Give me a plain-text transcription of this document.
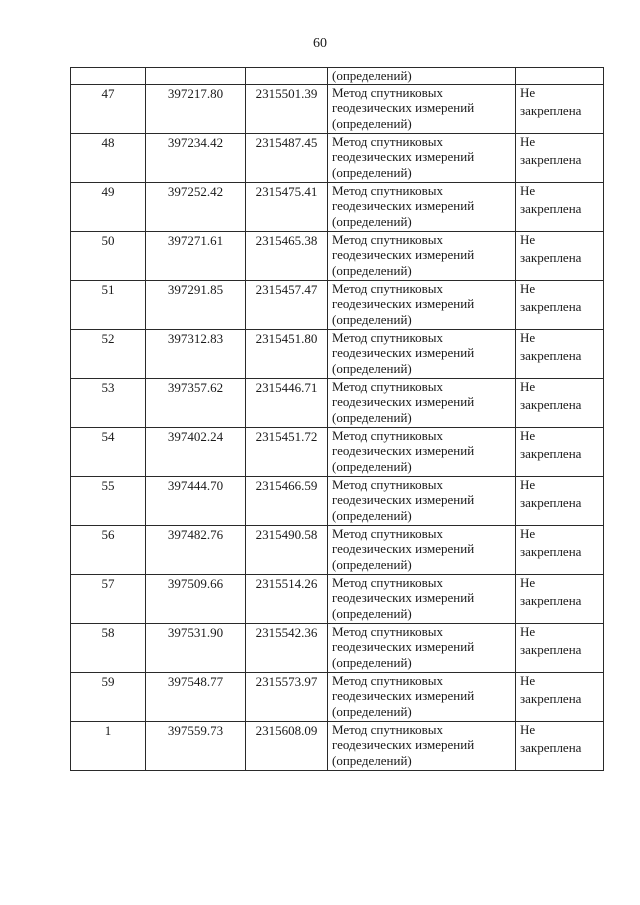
60
			(определений)	
47	397217.80	2315501.39	Метод спутниковых
геодезических измерений
(определений)	Не
закреплена

48	397234.42	2315487.45	Метод спутниковых
геодезических измерений
(определений)	Не
закреплена

49	397252.42	2315475.41	Метод спутниковых
геодезических измерений
(определений)	Не
закреплена

50	397271.61	2315465.38	Метод спутниковых
геодезических измерений
(определений)	Не
закреплена

51	397291.85	2315457.47	Метод спутниковых
геодезических измерений
(определений)	Не
закреплена

52	397312.83	2315451.80	Метод спутниковых
геодезических измерений
(определений)	Не
закреплена

53	397357.62	2315446.71	Метод спутниковых
геодезических измерений
(определений)	Не
закреплена

54	397402.24	2315451.72	Метод спутниковых
геодезических измерений
(определений)	Не
закреплена

55	397444.70	2315466.59	Метод спутниковых
геодезических измерений
(определений)	Не
закреплена

56	397482.76	2315490.58	Метод спутниковых
геодезических измерений
(определений)	Не
закреплена

57	397509.66	2315514.26	Метод спутниковых
геодезических измерений
(определений)	Не
закреплена

58	397531.90	2315542.36	Метод спутниковых
геодезических измерений
(определений)	Не
закреплена

59	397548.77	2315573.97	Метод спутниковых
геодезических измерений
(определений)	Не
закреплена

1	397559.73	2315608.09	Метод спутниковых
геодезических измерений
(определений)	Не
закреплена
